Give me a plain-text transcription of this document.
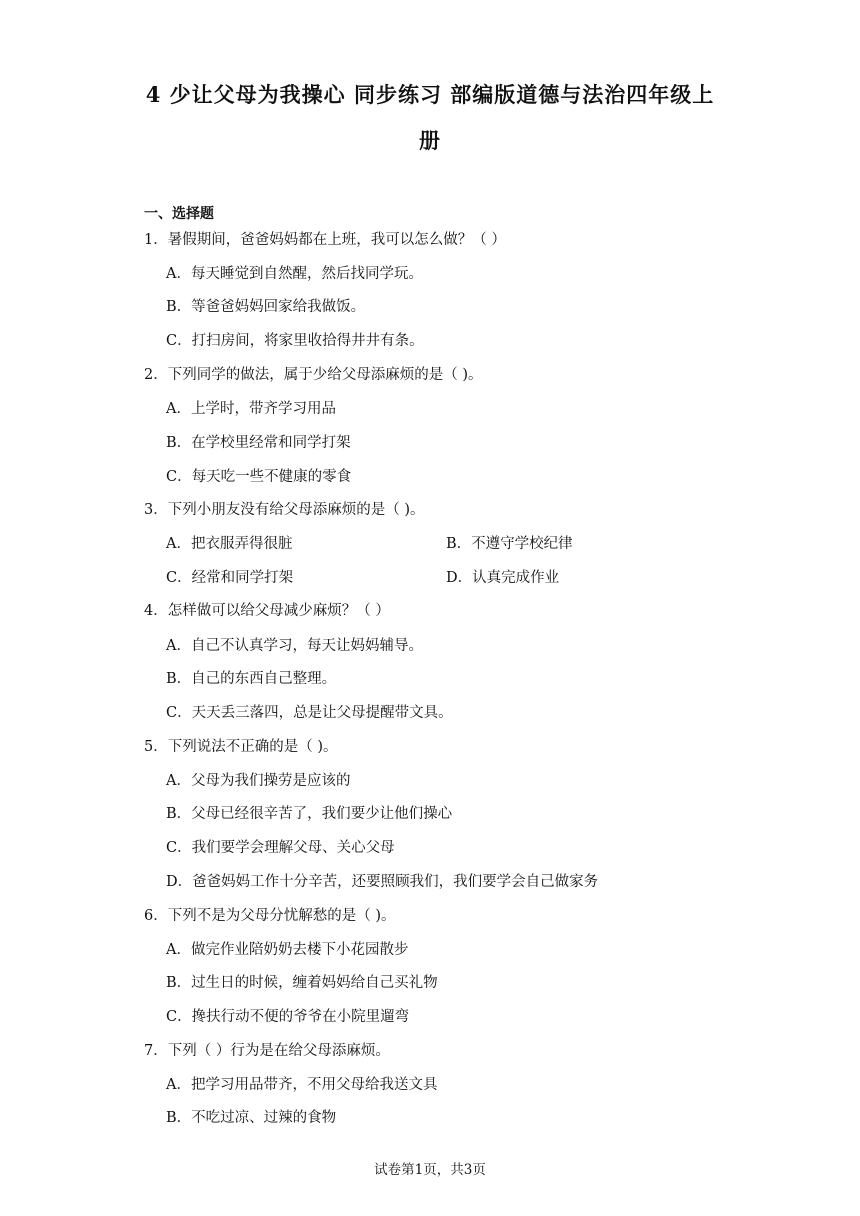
4 少让父母为我操心 同步练习 部编版道德与法治四年级上
册
一、选择题
1．暑假期间，爸爸妈妈都在上班，我可以怎么做？（ ）
A．每天睡觉到自然醒，然后找同学玩。
B．等爸爸妈妈回家给我做饭。
C．打扫房间，将家里收拾得井井有条。
2．下列同学的做法，属于少给父母添麻烦的是（ )。
A．上学时，带齐学习用品
B．在学校里经常和同学打架
C．每天吃一些不健康的零食
3．下列小朋友没有给父母添麻烦的是（ )。
A．把衣服弄得很脏	B．不遵守学校纪律
C．经常和同学打架	D．认真完成作业
4．怎样做可以给父母减少麻烦？（ ）
A．自己不认真学习，每天让妈妈辅导。
B．自己的东西自己整理。
C．天天丢三落四，总是让父母提醒带文具。
5．下列说法不正确的是（ )。
A．父母为我们操劳是应该的
B．父母已经很辛苦了，我们要少让他们操心
C．我们要学会理解父母、关心父母
D．爸爸妈妈工作十分辛苦，还要照顾我们，我们要学会自己做家务
6．下列不是为父母分忧解愁的是（ )。
A．做完作业陪奶奶去楼下小花园散步
B．过生日的时候，缠着妈妈给自己买礼物
C．搀扶行动不便的爷爷在小院里遛弯
7．下列（ ）行为是在给父母添麻烦。
A．把学习用品带齐，不用父母给我送文具
B．不吃过凉、过辣的食物
试卷第1页，共3页
